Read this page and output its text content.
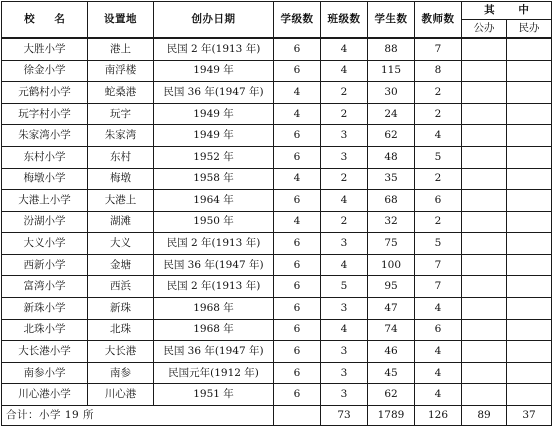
校 名	设置地	创办日期	学级数	班级数	学生数	教师数	其 中	
							公办	民办
大胜小学	港上	民国 2 年(1913 年)	6	4	88	7		
徐金小学	南浮楼	1949 年	6	4	115	8		
元鹤村小学	蛇桑港	民国 36 年(1947 年)	4	2	30	2		
玩字村小学	玩字	1949 年	4	2	24	2		
朱家湾小学	朱家湾	1949 年	6	3	62	4		
东村小学	东村	1952 年	6	3	48	5		
梅墩小学	梅墩	1958 年	4	2	35	2		
大港上小学	大港上	1964 年	6	4	68	6		
汾湖小学	湖滩	1950 年	4	2	32	2		
大义小学	大义	民国 2 年(1913 年)	6	3	75	5		
西新小学	金塘	民国 36 年(1947 年)	6	4	100	7		
富湾小学	西浜	民国 2 年(1913 年)	6	5	95	7		
新珠小学	新珠	1968 年	6	3	47	4		
北珠小学	北珠	1968 年	6	4	74	6		
大长港小学	大长港	民国 36 年(1947 年)	6	3	46	4		
南参小学	南参	民国元年(1912 年)	6	3	45	4		
川心港小学	川心港	1951 年	6	3	62	4		
合计：小学 19 所				73	1789	126	89	37
